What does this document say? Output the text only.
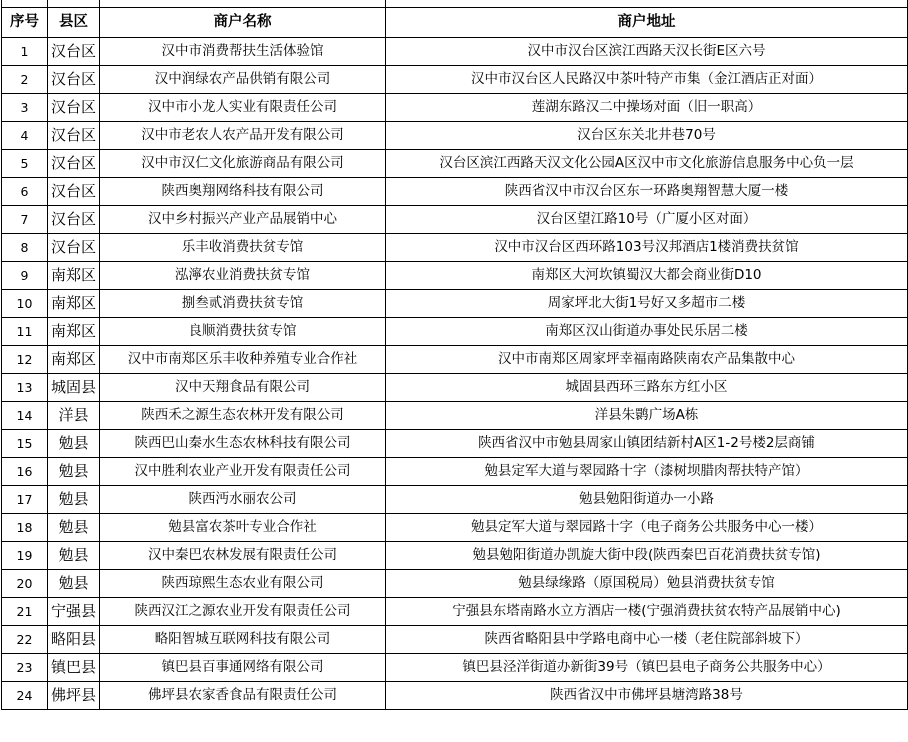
序号	县区	商户名称	商户地址
1	汉台区	汉中市消费帮扶生活体验馆	汉中市汉台区滨江西路天汉长街E区六号
2	汉台区	汉中润绿农产品供销有限公司	汉中市汉台区人民路汉中茶叶特产市集（金江酒店正对面）
3	汉台区	汉中市小龙人实业有限责任公司	莲湖东路汉二中操场对面（旧一职高）
4	汉台区	汉中市老农人农产品开发有限公司	汉台区东关北井巷70号
5	汉台区	汉中市汉仁文化旅游商品有限公司	汉台区滨江西路天汉文化公园A区汉中市文化旅游信息服务中心负一层
6	汉台区	陕西奥翔网络科技有限公司	陕西省汉中市汉台区东一环路奥翔智慧大厦一楼
7	汉台区	汉中乡村振兴产业产品展销中心	汉台区望江路10号（广厦小区对面）
8	汉台区	乐丰收消费扶贫专馆	汉中市汉台区西环路103号汉邦酒店1楼消费扶贫馆
9	南郑区	泓濘农业消费扶贫专馆	南郑区大河坎镇蜀汉大都会商业街D10
10	南郑区	捌叁贰消费扶贫专馆	周家坪北大街1号好又多超市二楼
11	南郑区	良顺消费扶贫专馆	南郑区汉山街道办事处民乐居二楼
12	南郑区	汉中市南郑区乐丰收种养殖专业合作社	汉中市南郑区周家坪幸福南路陕南农产品集散中心
13	城固县	汉中天翔食品有限公司	城固县西环三路东方红小区
14	洋县	陕西禾之源生态农林开发有限公司	洋县朱鹮广场A栋
15	勉县	陕西巴山秦水生态农林科技有限公司	陕西省汉中市勉县周家山镇团结新村A区1-2号楼2层商铺
16	勉县	汉中胜利农业产业开发有限责任公司	勉县定军大道与翠园路十字（漆树坝腊肉帮扶特产馆）
17	勉县	陕西沔水丽农公司	勉县勉阳街道办一小路
18	勉县	勉县富农茶叶专业合作社	勉县定军大道与翠园路十字（电子商务公共服务中心一楼）
19	勉县	汉中秦巴农林发展有限责任公司	勉县勉阳街道办凯旋大街中段(陕西秦巴百花消费扶贫专馆)
20	勉县	陕西琼熙生态农业有限公司	勉县绿缘路（原国税局）勉县消费扶贫专馆
21	宁强县	陕西汉江之源农业开发有限责任公司	宁强县东塔南路水立方酒店一楼(宁强消费扶贫农特产品展销中心)
22	略阳县	略阳智城互联网科技有限公司	陕西省略阳县中学路电商中心一楼（老住院部斜坡下）
23	镇巴县	镇巴县百事通网络有限公司	镇巴县泾洋街道办新街39号（镇巴县电子商务公共服务中心）
24	佛坪县	佛坪县农家香食品有限责任公司	陕西省汉中市佛坪县塘湾路38号
